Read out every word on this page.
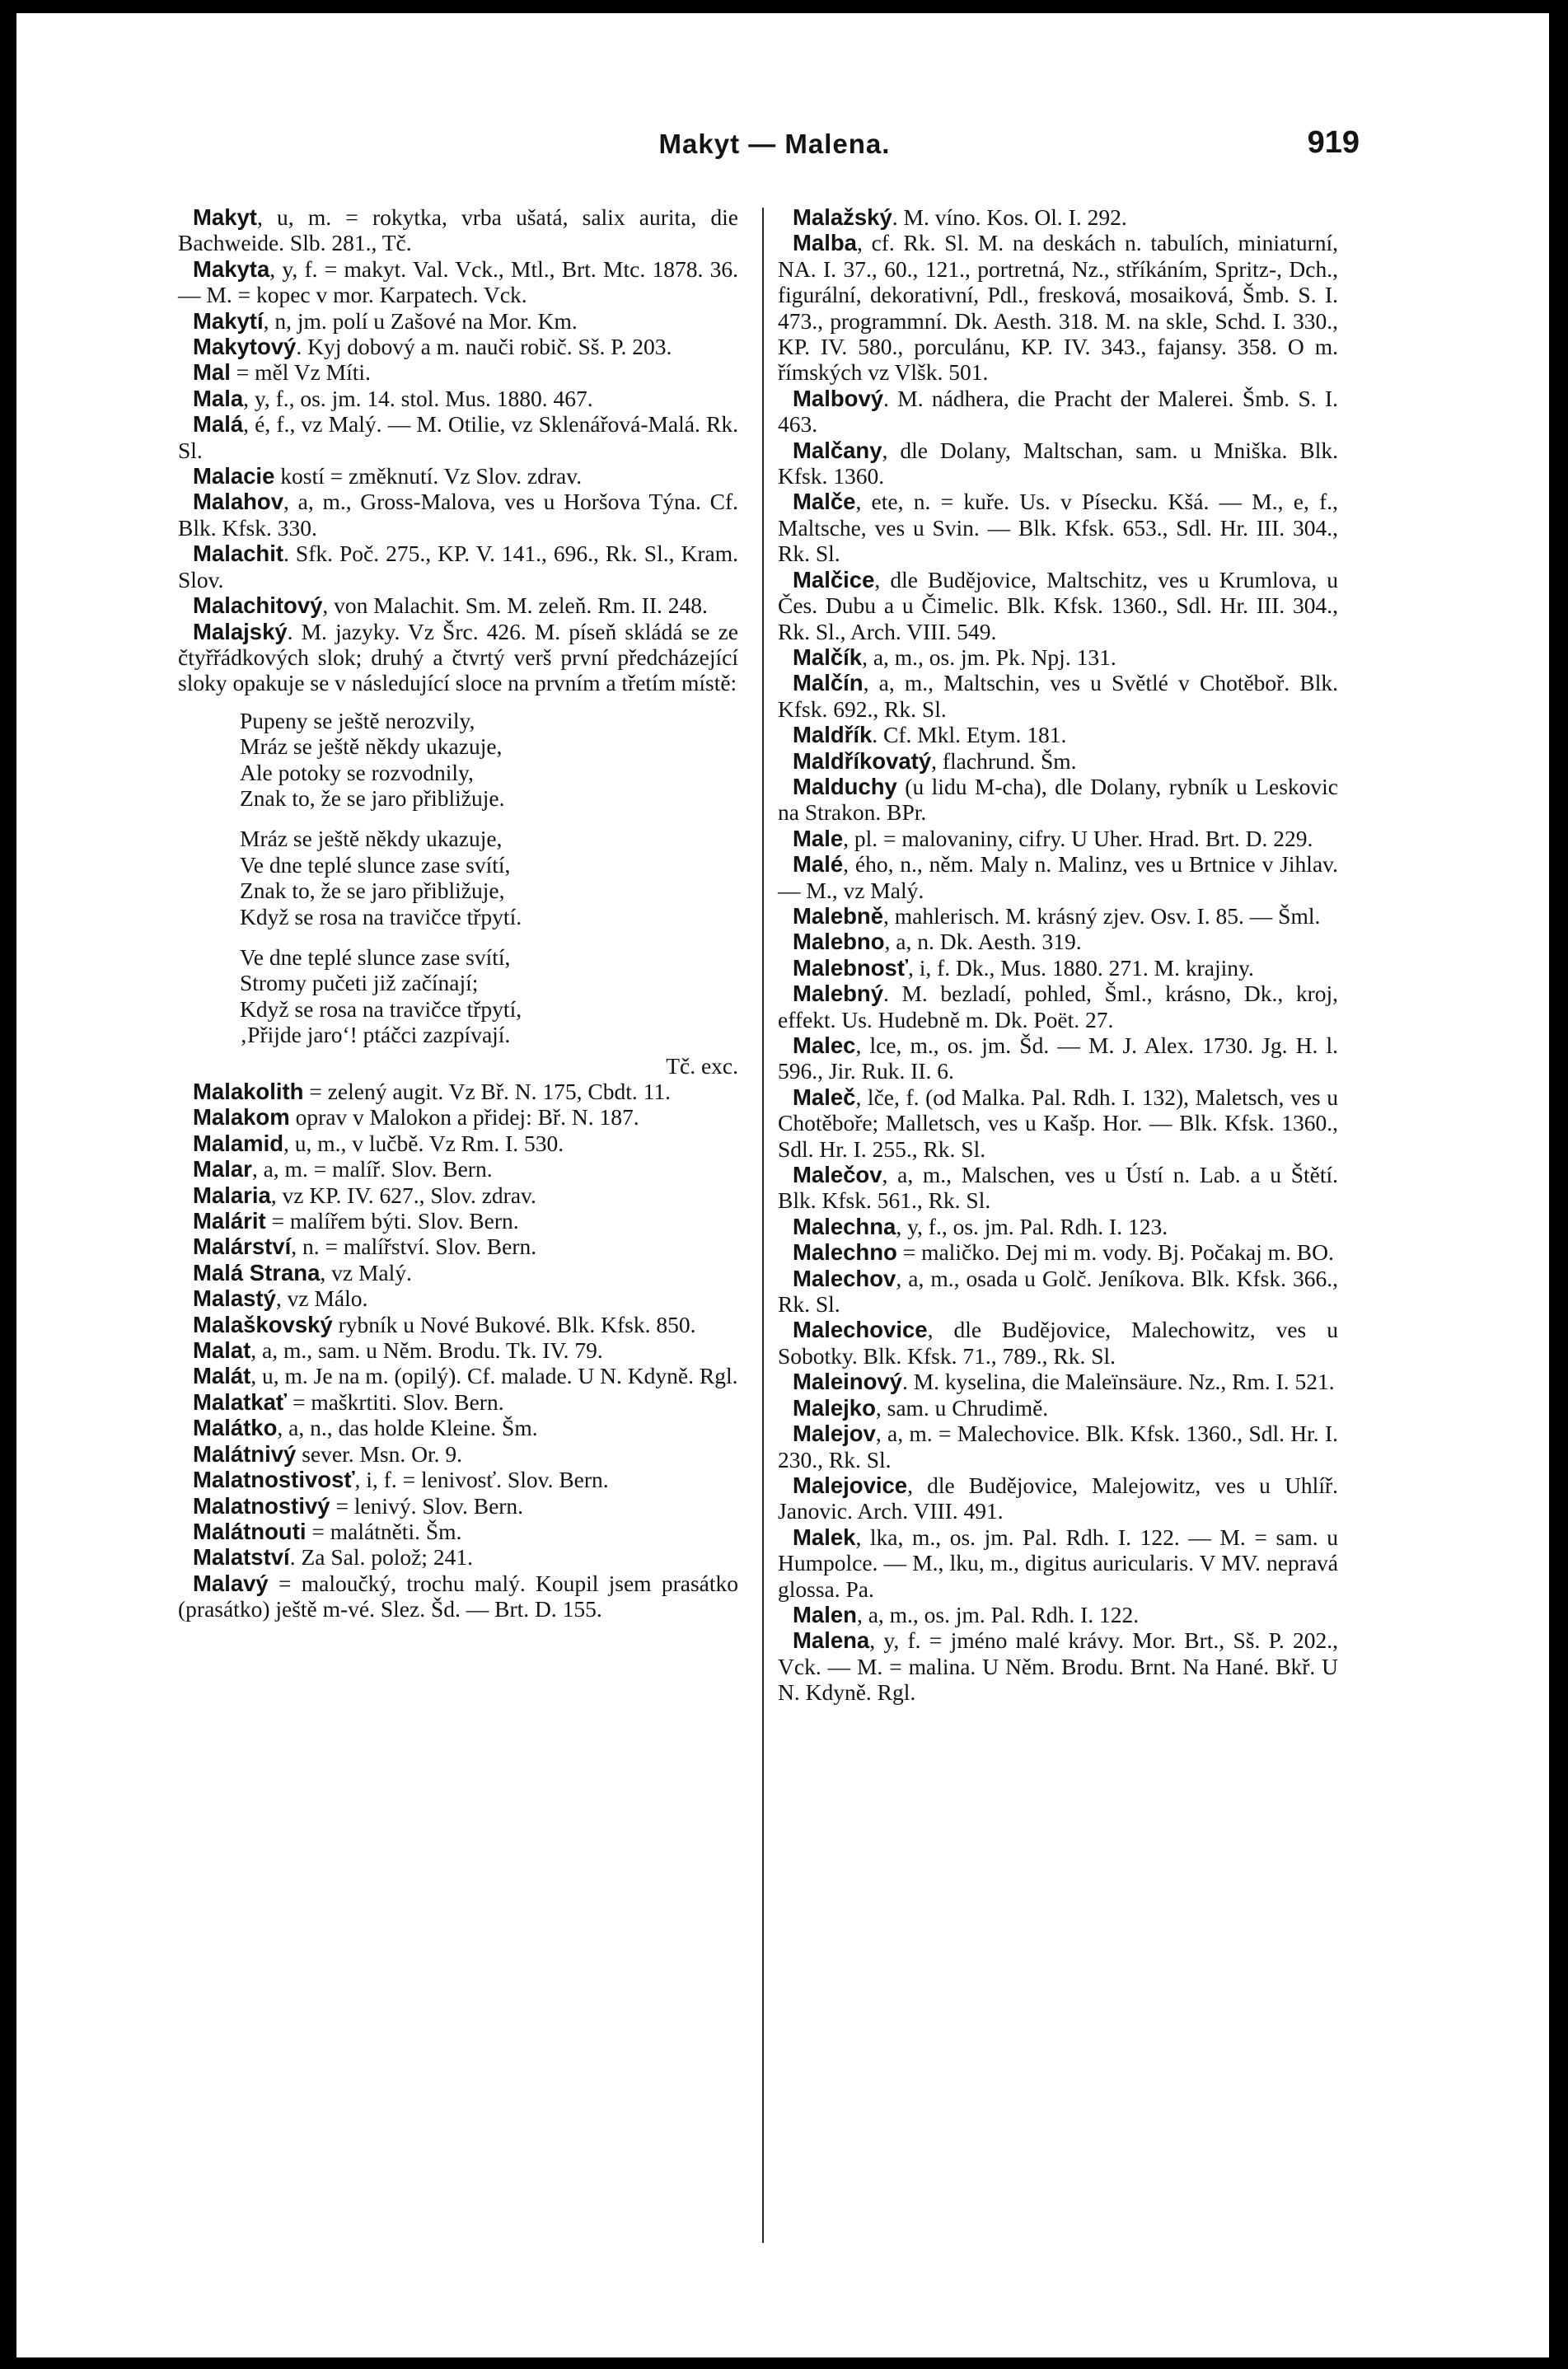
Makyt — Malena.	919

Makyt, u, m. = rokytka, vrba ušatá, salix aurita, die Bachweide. Slb. 281., Tč.

Makyta, y, f. = makyt. Val. Vck., Mtl., Brt. Mtc. 1878. 36. — M. = kopec v mor. Karpatech. Vck.

Makytí, n, jm. polí u Zašové na Mor. Km.

Makytový. Kyj dobový a m. nauči robič. Sš. P. 203.

Mal = měl Vz Míti.

Mala, y, f., os. jm. 14. stol. Mus. 1880. 467.

Malá, é, f., vz Malý. — M. Otilie, vz Sklenářová-Malá. Rk. Sl.

Malacie kostí = změknutí. Vz Slov. zdrav.

Malahov, a, m., Gross-Malova, ves u Horšova Týna. Cf. Blk. Kfsk. 330.

Malachit. Sfk. Poč. 275., KP. V. 141., 696., Rk. Sl., Kram. Slov.

Malachitový, von Malachit. Sm. M. zeleň. Rm. II. 248.

Malajský. M. jazyky. Vz Šrc. 426. M. píseň skládá se ze čtyřřádkových slok; druhý a čtvrtý verš první předcházející sloky opakuje se v následující sloce na prvním a třetím místě:

Pupeny se ještě nerozvily,
Mráz se ještě někdy ukazuje,
Ale potoky se rozvodnily,
Znak to, že se jaro přibližuje.
Mráz se ještě někdy ukazuje,
Ve dne teplé slunce zase svítí,
Znak to, že se jaro přibližuje,
Když se rosa na travičce třpytí.
Ve dne teplé slunce zase svítí,
Stromy pučeti již začínají;
Když se rosa na travičce třpytí,
‚Přijde jaro‘! ptáčci zazpívají.

Tč. exc.

Malakolith = zelený augit. Vz Bř. N. 175, Cbdt. 11.

Malakom oprav v Malokon a přidej: Bř. N. 187.

Malamid, u, m., v lučbě. Vz Rm. I. 530.

Malar, a, m. = malíř. Slov. Bern.

Malaria, vz KP. IV. 627., Slov. zdrav.

Malárit = malířem býti. Slov. Bern.

Malárství, n. = malířství. Slov. Bern.

Malá Strana, vz Malý.

Malastý, vz Málo.

Malaškovský rybník u Nové Bukové. Blk. Kfsk. 850.

Malat, a, m., sam. u Něm. Brodu. Tk. IV. 79.

Malát, u, m. Je na m. (opilý). Cf. malade. U N. Kdyně. Rgl.

Malatkať = maškrtiti. Slov. Bern.

Malátko, a, n., das holde Kleine. Šm.

Malátnivý sever. Msn. Or. 9.

Malatnostivosť, i, f. = lenivosť. Slov. Bern.

Malatnostivý = lenivý. Slov. Bern.

Malátnouti = malátněti. Šm.

Malatství. Za Sal. polož; 241.

Malavý = maloučký, trochu malý. Koupil jsem prasátko (prasátko) ještě m-vé. Slez. Šd. — Brt. D. 155.

Malažský. M. víno. Kos. Ol. I. 292.

Malba, cf. Rk. Sl. M. na deskách n. tabulích, miniaturní, NA. I. 37., 60., 121., portretná, Nz., stříkáním, Spritz-, Dch., figurální, dekorativní, Pdl., fresková, mosaiková, Šmb. S. I. 473., programmní. Dk. Aesth. 318. M. na skle, Schd. I. 330., KP. IV. 580., porculánu, KP. IV. 343., fajansy. 358. O m. římských vz Vlšk. 501.

Malbový. M. nádhera, die Pracht der Malerei. Šmb. S. I. 463.

Malčany, dle Dolany, Maltschan, sam. u Mniška. Blk. Kfsk. 1360.

Malče, ete, n. = kuře. Us. v Písecku. Kšá. — M., e, f., Maltsche, ves u Svin. — Blk. Kfsk. 653., Sdl. Hr. III. 304., Rk. Sl.

Malčice, dle Budějovice, Maltschitz, ves u Krumlova, u Čes. Dubu a u Čimelic. Blk. Kfsk. 1360., Sdl. Hr. III. 304., Rk. Sl., Arch. VIII. 549.

Malčík, a, m., os. jm. Pk. Npj. 131.

Malčín, a, m., Maltschin, ves u Světlé v Chotěboř. Blk. Kfsk. 692., Rk. Sl.

Maldřík. Cf. Mkl. Etym. 181.

Maldříkovatý, flachrund. Šm.

Malduchy (u lidu M-cha), dle Dolany, rybník u Leskovic na Strakon. BPr.

Male, pl. = malovaniny, cifry. U Uher. Hrad. Brt. D. 229.

Malé, ého, n., něm. Maly n. Malinz, ves u Brtnice v Jihlav. — M., vz Malý.

Malebně, mahlerisch. M. krásný zjev. Osv. I. 85. — Šml.

Malebno, a, n. Dk. Aesth. 319.

Malebnosť, i, f. Dk., Mus. 1880. 271. M. krajiny.

Malebný. M. bezladí, pohled, Šml., krásno, Dk., kroj, effekt. Us. Hudebně m. Dk. Poët. 27.

Malec, lce, m., os. jm. Šd. — M. J. Alex. 1730. Jg. H. l. 596., Jir. Ruk. II. 6.

Maleč, lče, f. (od Malka. Pal. Rdh. I. 132), Maletsch, ves u Chotěboře; Malletsch, ves u Kašp. Hor. — Blk. Kfsk. 1360., Sdl. Hr. I. 255., Rk. Sl.

Malečov, a, m., Malschen, ves u Ústí n. Lab. a u Štětí. Blk. Kfsk. 561., Rk. Sl.

Malechna, y, f., os. jm. Pal. Rdh. I. 123.

Malechno = maličko. Dej mi m. vody. Bj. Počakaj m. BO.

Malechov, a, m., osada u Golč. Jeníkova. Blk. Kfsk. 366., Rk. Sl.

Malechovice, dle Budějovice, Malechowitz, ves u Sobotky. Blk. Kfsk. 71., 789., Rk. Sl.

Maleinový. M. kyselina, die Maleïnsäure. Nz., Rm. I. 521.

Malejko, sam. u Chrudimě.

Malejov, a, m. = Malechovice. Blk. Kfsk. 1360., Sdl. Hr. I. 230., Rk. Sl.

Malejovice, dle Budějovice, Malejowitz, ves u Uhlíř. Janovic. Arch. VIII. 491.

Malek, lka, m., os. jm. Pal. Rdh. I. 122. — M. = sam. u Humpolce. — M., lku, m., digitus auricularis. V MV. nepravá glossa. Pa.

Malen, a, m., os. jm. Pal. Rdh. I. 122.

Malena, y, f. = jméno malé krávy. Mor. Brt., Sš. P. 202., Vck. — M. = malina. U Něm. Brodu. Brnt. Na Hané. Bkř. U N. Kdyně. Rgl.
